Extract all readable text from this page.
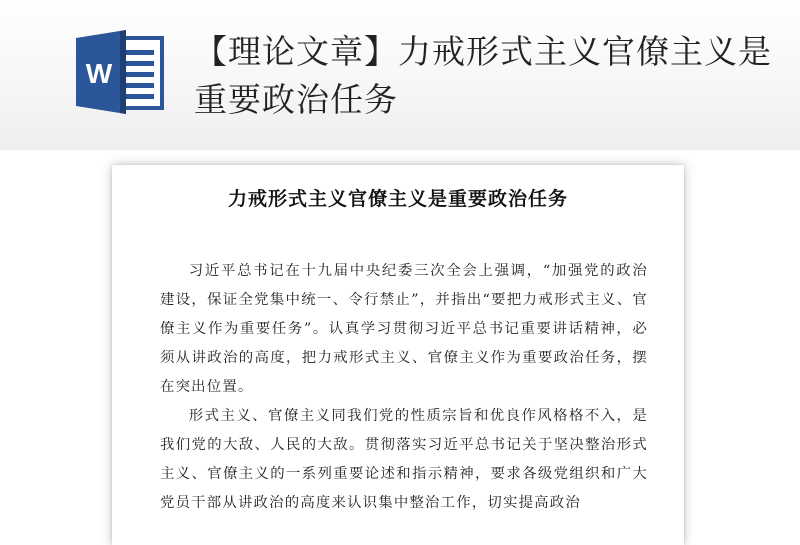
W
【理论文章】力戒形式主义官僚主义是重要政治任务
力戒形式主义官僚主义是重要政治任务

习近平总书记在十九届中央纪委三次全会上强调，“加强党的政治建设，保证全党集中统一、令行禁止”，并指出“要把力戒形式主义、官僚主义作为重要任务”。认真学习贯彻习近平总书记重要讲话精神，必须从讲政治的高度，把力戒形式主义、官僚主义作为重要政治任务，摆在突出位置。

形式主义、官僚主义同我们党的性质宗旨和优良作风格格不入，是我们党的大敌、人民的大敌。贯彻落实习近平总书记关于坚决整治形式主义、官僚主义的一系列重要论述和指示精神，要求各级党组织和广大党员干部从讲政治的高度来认识集中整治工作，切实提高政治
